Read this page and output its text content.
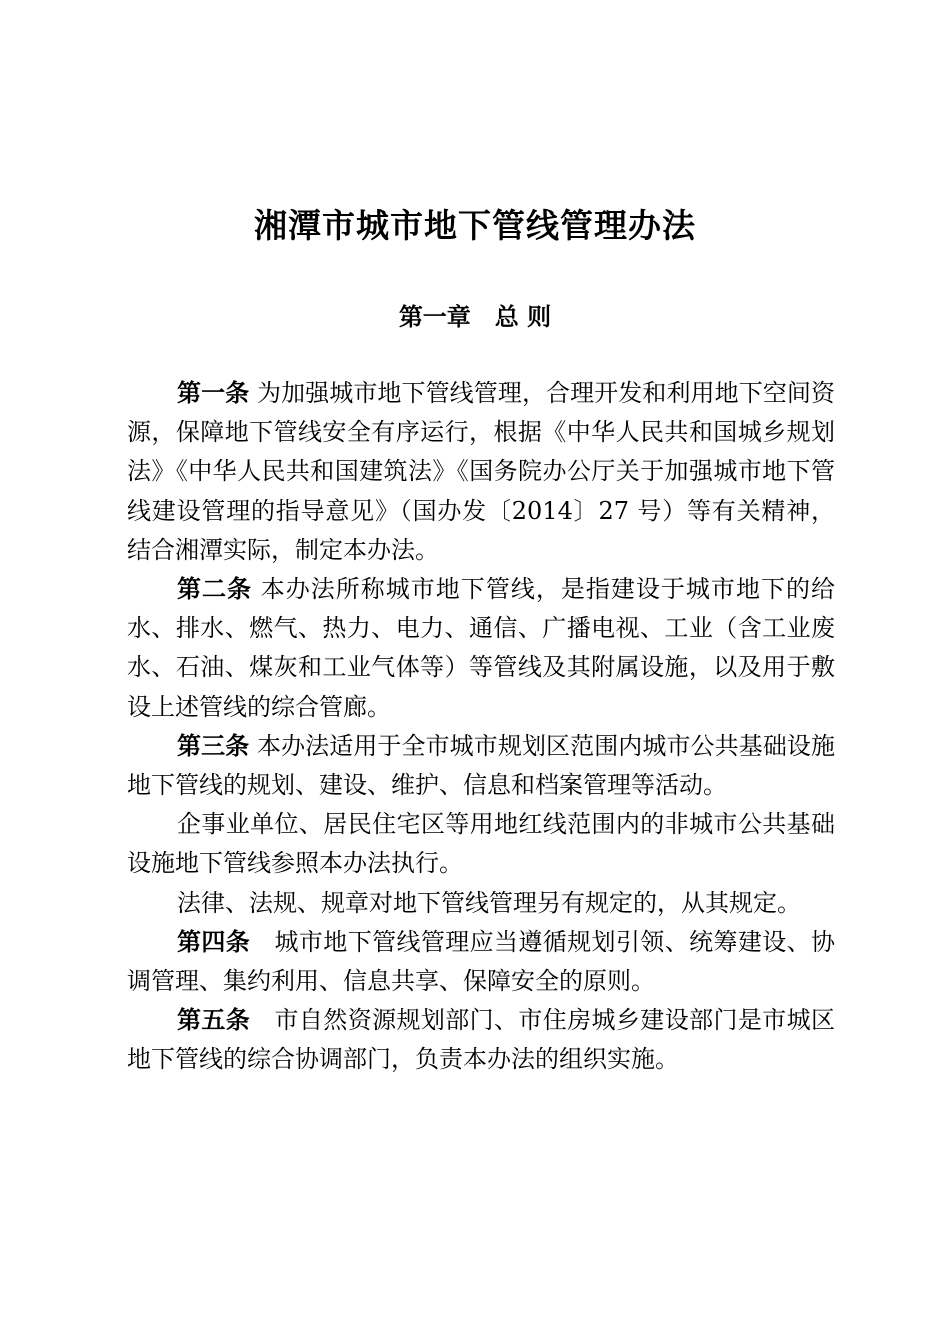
湘潭市城市地下管线管理办法
第一章　总 则

第一条 为加强城市地下管线管理，合理开发和利用地下空间资源，保障地下管线安全有序运行，根据《中华人民共和国城乡规划法》《中华人民共和国建筑法》《国务院办公厅关于加强城市地下管线建设管理的指导意见》（国办发〔2014〕27 号）等有关精神，结合湘潭实际，制定本办法。

第二条 本办法所称城市地下管线，是指建设于城市地下的给水、排水、燃气、热力、电力、通信、广播电视、工业（含工业废水、石油、煤灰和工业气体等）等管线及其附属设施，以及用于敷设上述管线的综合管廊。

第三条 本办法适用于全市城市规划区范围内城市公共基础设施地下管线的规划、建设、维护、信息和档案管理等活动。

企事业单位、居民住宅区等用地红线范围内的非城市公共基础设施地下管线参照本办法执行。

法律、法规、规章对地下管线管理另有规定的，从其规定。

第四条　城市地下管线管理应当遵循规划引领、统筹建设、协调管理、集约利用、信息共享、保障安全的原则。

第五条　市自然资源规划部门、市住房城乡建设部门是市城区地下管线的综合协调部门，负责本办法的组织实施。
